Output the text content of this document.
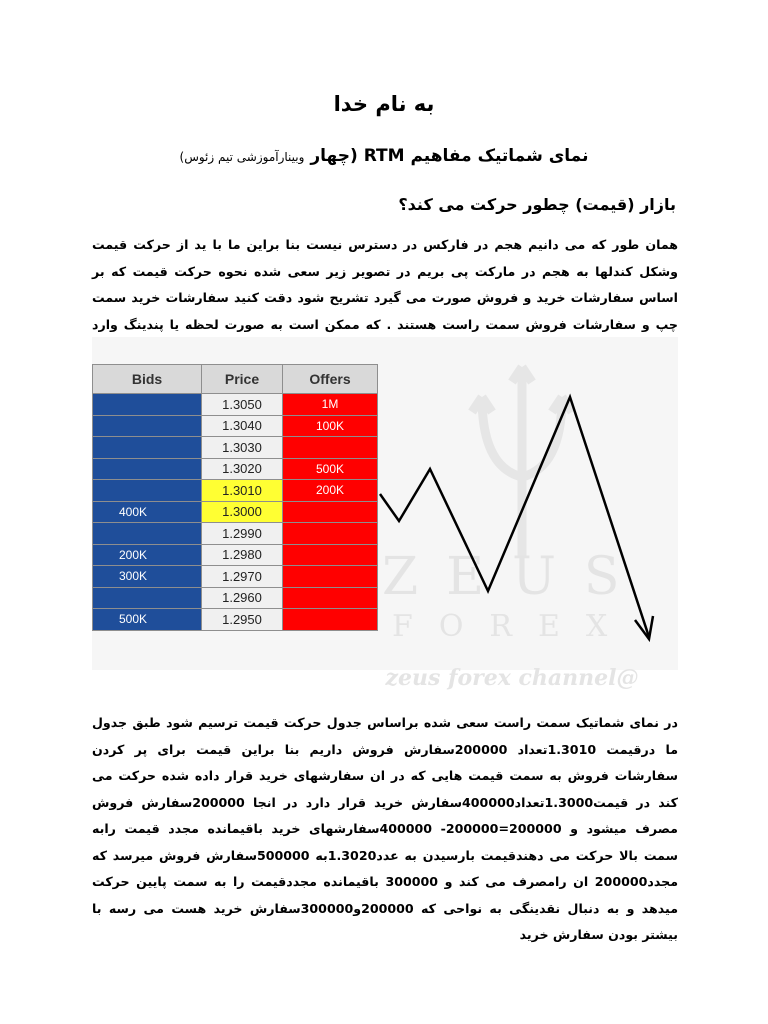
به نام خدا
نمای شماتیک مفاهیم RTM (چهار وبینارآموزشی تیم زئوس)
بازار (قیمت) چطور حرکت می کند؟
همان طور که می دانیم هجم در فارکس در دسترس نیست بنا براین ما با ید از حرکت قیمت وشکل کندلها به هجم در مارکت پی بریم در تصویر زیر سعی شده نحوه حرکت قیمت که بر اساس سفارشات خرید و فروش صورت می گیرد تشریح شود دقت کنید سفارشات خرید سمت چپ و سفارشات فروش سمت راست هستند . که ممکن است به صورت لحظه یا پندینگ وارد
Bids	Price	Offers
	1.3050	1M
	1.3040	100K
	1.3030	
	1.3020	500K
	1.3010	200K
400K	1.3000	
	1.2990	
200K	1.2980	
300K	1.2970	
	1.2960	
500K	1.2950	
ZEUS
FOREX
zeus forex channel@
در نمای شماتیک سمت راست سعی شده براساس جدول حرکت قیمت ترسیم شود طبق جدول ما درقیمت 1.3010تعداد 200000سفارش فروش داریم بنا براین قیمت برای پر کردن سفارشات فروش به سمت قیمت هایی که در ان سفارشهای خرید قرار داده شده حرکت می کند در قیمت1.3000تعداد400000سفارش خرید قرار دارد در انجا 200000سفارش فروش مصرف میشود و 200000=200000- 400000سفارشهای خرید باقیمانده مجدد قیمت رابه سمت بالا حرکت می دهندقیمت بارسیدن به عدد1.3020به 500000سفارش فروش میرسد که مجدد200000 ان رامصرف می کند و 300000 باقیمانده مجددقیمت را به سمت پایین حرکت میدهد و به دنبال نقدینگی به نواحی که 200000و300000سفارش خرید هست می رسه با بیشتر بودن سفارش خرید
